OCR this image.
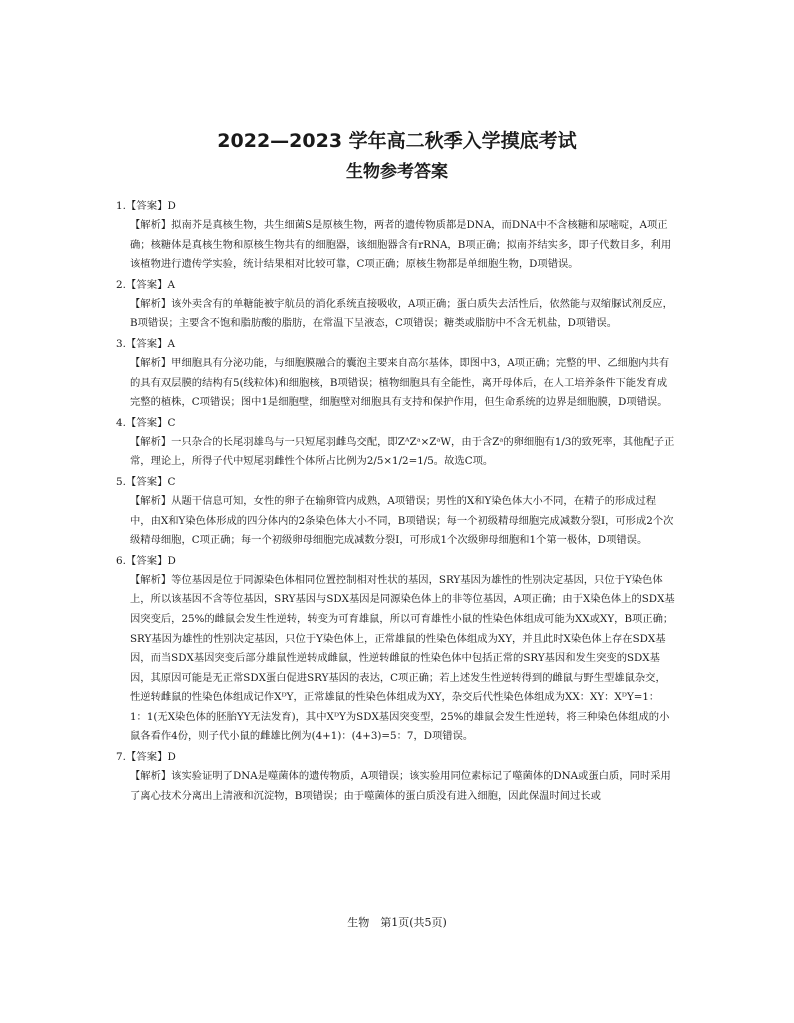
2022—2023 学年高二秋季入学摸底考试
生物参考答案
1.【答案】D
【解析】拟南芥是真核生物，共生细菌S是原核生物，两者的遗传物质都是DNA，而DNA中不含核糖和尿嘧啶，A项正确；核糖体是真核生物和原核生物共有的细胞器，该细胞器含有rRNA，B项正确；拟南芥结实多，即子代数目多，利用该植物进行遗传学实验，统计结果相对比较可靠，C项正确；原核生物都是单细胞生物，D项错误。
2.【答案】A
【解析】该外卖含有的单糖能被宇航员的消化系统直接吸收，A项正确；蛋白质失去活性后，依然能与双缩脲试剂反应，B项错误；主要含不饱和脂肪酸的脂肪，在常温下呈液态，C项错误；糖类或脂肪中不含无机盐，D项错误。
3.【答案】A
【解析】甲细胞具有分泌功能，与细胞膜融合的囊泡主要来自高尔基体，即图中3，A项正确；完整的甲、乙细胞内共有的具有双层膜的结构有5(线粒体)和细胞核，B项错误；植物细胞具有全能性，离开母体后，在人工培养条件下能发育成完整的植株，C项错误；图中1是细胞壁，细胞壁对细胞具有支持和保护作用，但生命系统的边界是细胞膜，D项错误。
4.【答案】C
【解析】一只杂合的长尾羽雄鸟与一只短尾羽雌鸟交配，即ZᴬZᵃ×ZᵃW，由于含Zᵃ的卵细胞有1/3的致死率，其他配子正常，理论上，所得子代中短尾羽雌性个体所占比例为2/5×1/2=1/5。故选C项。
5.【答案】C
【解析】从题干信息可知，女性的卵子在输卵管内成熟，A项错误；男性的X和Y染色体大小不同，在精子的形成过程中，由X和Y染色体形成的四分体内的2条染色体大小不同，B项错误；每一个初级精母细胞完成减数分裂Ⅰ，可形成2个次级精母细胞，C项正确；每一个初级卵母细胞完成减数分裂Ⅰ，可形成1个次级卵母细胞和1个第一极体，D项错误。
6.【答案】D
【解析】等位基因是位于同源染色体相同位置控制相对性状的基因，SRY基因为雄性的性别决定基因，只位于Y染色体上，所以该基因不含等位基因，SRY基因与SDX基因是同源染色体上的非等位基因，A项正确；由于X染色体上的SDX基因突变后，25%的雌鼠会发生性逆转，转变为可育雄鼠，所以可育雄性小鼠的性染色体组成可能为XX或XY，B项正确；SRY基因为雄性的性别决定基因，只位于Y染色体上，正常雄鼠的性染色体组成为XY，并且此时X染色体上存在SDX基因，而当SDX基因突变后部分雄鼠性逆转成雌鼠，性逆转雌鼠的性染色体中包括正常的SRY基因和发生突变的SDX基因，其原因可能是无正常SDX蛋白促进SRY基因的表达，C项正确；若上述发生性逆转得到的雌鼠与野生型雄鼠杂交，性逆转雌鼠的性染色体组成记作XᴰY，正常雄鼠的性染色体组成为XY，杂交后代性染色体组成为XX：XY：XᴰY=1：1：1(无X染色体的胚胎YY无法发育)，其中XᴰY为SDX基因突变型，25%的雄鼠会发生性逆转，将三种染色体组成的小鼠各看作4份，则子代小鼠的雌雄比例为(4+1)：(4+3)=5：7，D项错误。
7.【答案】D
【解析】该实验证明了DNA是噬菌体的遗传物质，A项错误；该实验用同位素标记了噬菌体的DNA或蛋白质，同时采用了离心技术分离出上清液和沉淀物，B项错误；由于噬菌体的蛋白质没有进入细胞，因此保温时间过长或
生物　第1页(共5页)
